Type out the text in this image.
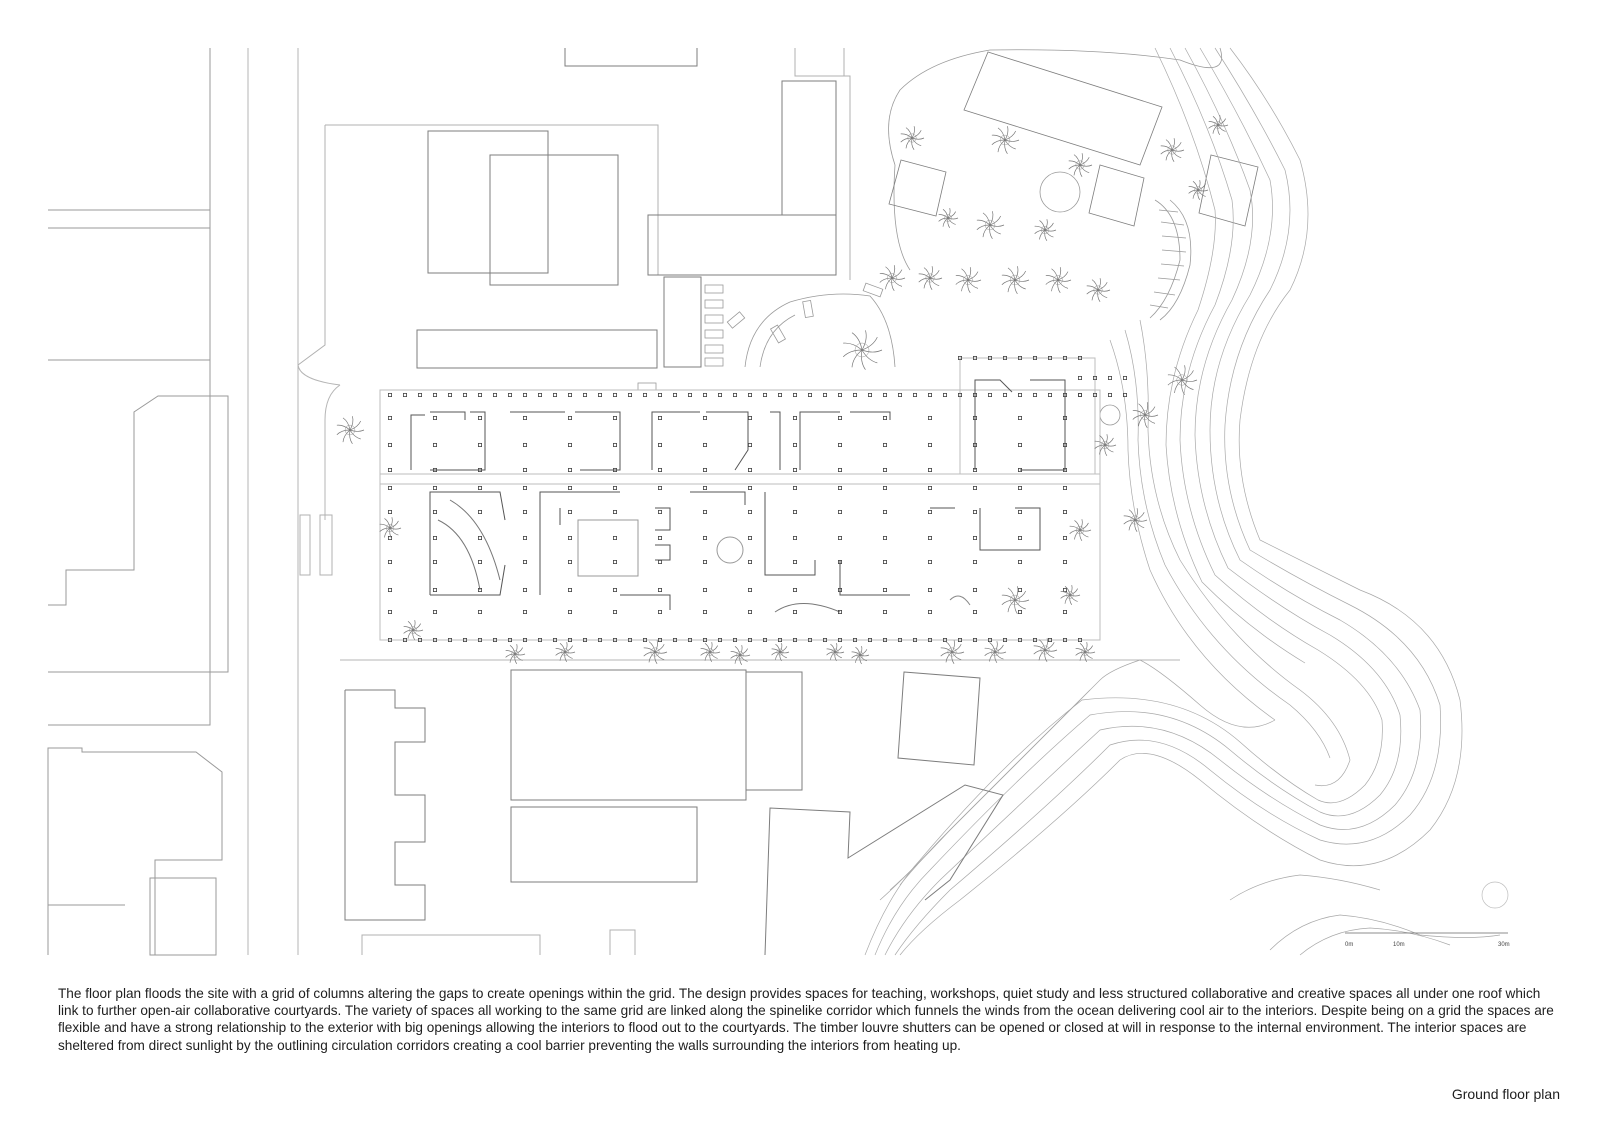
0m	10m	30m

The floor plan floods the site with a grid of columns altering the gaps to create openings within the grid. The design provides spaces for teaching, workshops, quiet study and less structured collaborative and creative spaces all under one roof which link to further open-air collaborative courtyards. The variety of spaces all working to the same grid are linked along the spinelike corridor which funnels the winds from the ocean delivering cool air to the interiors. Despite being on a grid the spaces are flexible and have a strong relationship to the exterior with big openings allowing the interiors to flood out to the courtyards. The timber louvre shutters can be opened or closed at will in response to the internal environment. The interior spaces are sheltered from direct sunlight by the outlining circulation corridors creating a cool barrier preventing the walls surrounding the interiors from heating up.

Ground floor plan
